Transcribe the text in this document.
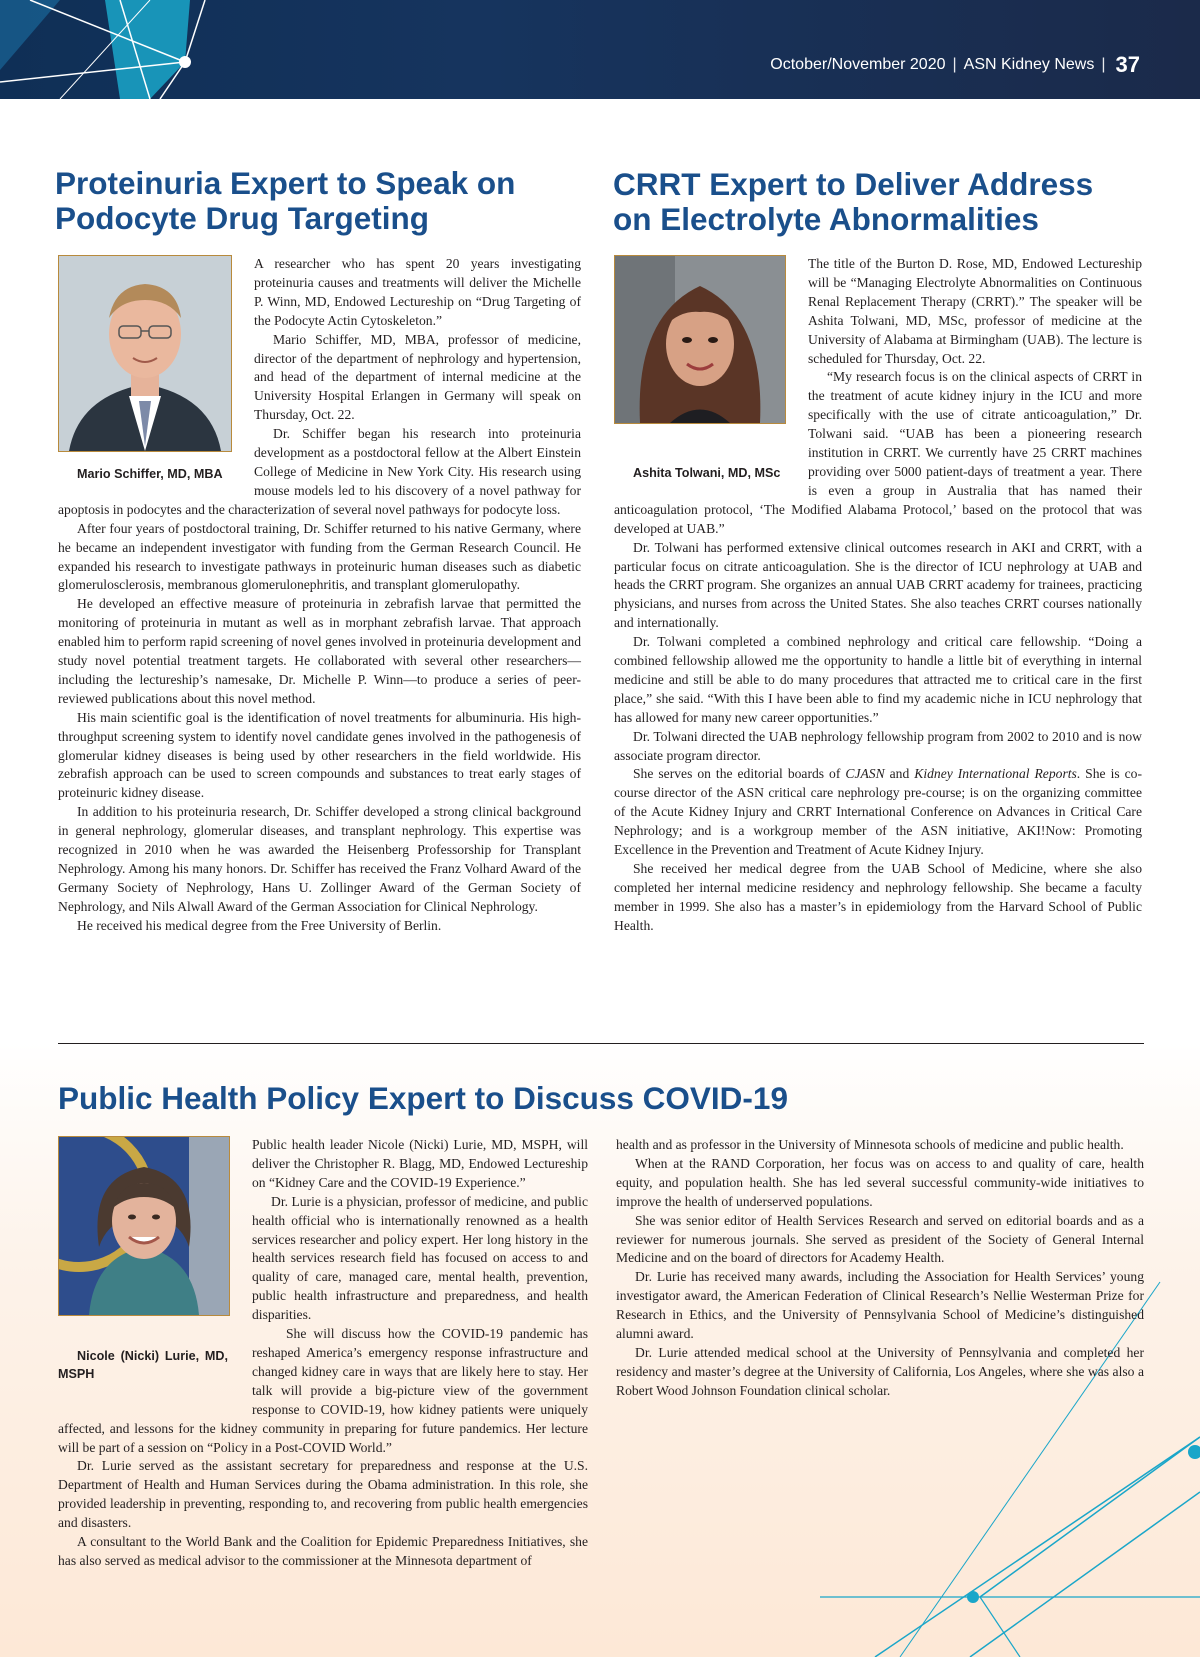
October/November 2020 | ASN Kidney News | 37
Proteinuria Expert to Speak on
Podocyte Drug Targeting

Mario Schiffer, MD, MBA

A researcher who has spent 20 years investigating proteinuria causes and treatments will deliver the Michelle P. Winn, MD, Endowed Lectureship on “Drug Targeting of the Podocyte Actin Cytoskeleton.”

Mario Schiffer, MD, MBA, professor of medicine, director of the department of nephrology and hypertension, and head of the department of internal medicine at the University Hospital Erlangen in Germany will speak on Thursday, Oct. 22.

Dr. Schiffer began his research into proteinuria development as a postdoctoral fellow at the Albert Einstein College of Medicine in New York City. His research using mouse models led to his discovery of a novel pathway for apoptosis in podocytes and the characterization of several novel pathways for podocyte loss.

After four years of postdoctoral training, Dr. Schiffer returned to his native Germany, where he became an independent investigator with funding from the German Research Council. He expanded his research to investigate pathways in proteinuric human diseases such as diabetic glomerulosclerosis, membranous glomerulonephritis, and transplant glomerulopathy.

He developed an effective measure of proteinuria in zebrafish larvae that permitted the monitoring of proteinuria in mutant as well as in morphant zebrafish larvae. That approach enabled him to perform rapid screening of novel genes involved in proteinuria development and study novel potential treatment targets. He collaborated with several other researchers—including the lectureship’s namesake, Dr. Michelle P. Winn—to produce a series of peer-reviewed publications about this novel method.

His main scientific goal is the identification of novel treatments for albuminuria. His high-throughput screening system to identify novel candidate genes involved in the pathogenesis of glomerular kidney diseases is being used by other researchers in the field worldwide. His zebrafish approach can be used to screen compounds and substances to treat early stages of proteinuric kidney disease.

In addition to his proteinuria research, Dr. Schiffer developed a strong clinical background in general nephrology, glomerular diseases, and transplant nephrology. This expertise was recognized in 2010 when he was awarded the Heisenberg Professorship for Transplant Nephrology. Among his many honors. Dr. Schiffer has received the Franz Volhard Award of the Germany Society of Nephrology, Hans U. Zollinger Award of the German Society of Nephrology, and Nils Alwall Award of the German Association for Clinical Nephrology.

He received his medical degree from the Free University of Berlin.

CRRT Expert to Deliver Address
on Electrolyte Abnormalities

Ashita Tolwani, MD, MSc

The title of the Burton D. Rose, MD, Endowed Lectureship will be “Managing Electrolyte Abnormalities on Continuous Renal Replacement Therapy (CRRT).” The speaker will be Ashita Tolwani, MD, MSc, professor of medicine at the University of Alabama at Birmingham (UAB). The lecture is scheduled for Thursday, Oct. 22.

“My research focus is on the clinical aspects of CRRT in the treatment of acute kidney injury in the ICU and more specifically with the use of citrate anticoagulation,” Dr. Tolwani said. “UAB has been a pioneering research institution in CRRT. We currently have 25 CRRT machines providing over 5000 patient-days of treatment a year. There is even a group in Australia that has named their anticoagulation protocol, ‘The Modified Alabama Protocol,’ based on the protocol that was developed at UAB.”

Dr. Tolwani has performed extensive clinical outcomes research in AKI and CRRT, with a particular focus on citrate anticoagulation. She is the director of ICU nephrology at UAB and heads the CRRT program. She organizes an annual UAB CRRT academy for trainees, practicing physicians, and nurses from across the United States. She also teaches CRRT courses nationally and internationally.

Dr. Tolwani completed a combined nephrology and critical care fellowship. “Doing a combined fellowship allowed me the opportunity to handle a little bit of everything in internal medicine and still be able to do many procedures that attracted me to critical care in the first place,” she said. “With this I have been able to find my academic niche in ICU nephrology that has allowed for many new career opportunities.”

Dr. Tolwani directed the UAB nephrology fellowship program from 2002 to 2010 and is now associate program director.

She serves on the editorial boards of CJASN and Kidney International Reports. She is co-course director of the ASN critical care nephrology pre-course; is on the organizing committee of the Acute Kidney Injury and CRRT International Conference on Advances in Critical Care Nephrology; and is a workgroup member of the ASN initiative, AKI!Now: Promoting Excellence in the Prevention and Treatment of Acute Kidney Injury.

She received her medical degree from the UAB School of Medicine, where she also completed her internal medicine residency and nephrology fellowship. She became a faculty member in 1999. She also has a master’s in epidemiology from the Harvard School of Public Health.

Public Health Policy Expert to Discuss COVID-19

Nicole (Nicki) Lurie, MD, MSPH

Public health leader Nicole (Nicki) Lurie, MD, MSPH, will deliver the Christopher R. Blagg, MD, Endowed Lectureship on “Kidney Care and the COVID-19 Experience.”

Dr. Lurie is a physician, professor of medicine, and public health official who is internationally renowned as a health services researcher and policy expert. Her long history in the health services research field has focused on access to and quality of care, managed care, mental health, prevention, public health infrastructure and preparedness, and health disparities.

She will discuss how the COVID-19 pandemic has reshaped America’s emergency response infrastructure and changed kidney care in ways that are likely here to stay. Her talk will provide a big-picture view of the government response to COVID-19, how kidney patients were uniquely affected, and lessons for the kidney community in preparing for future pandemics. Her lecture will be part of a session on “Policy in a Post-COVID World.”

Dr. Lurie served as the assistant secretary for preparedness and response at the U.S. Department of Health and Human Services during the Obama administration. In this role, she provided leadership in preventing, responding to, and recovering from public health emergencies and disasters.

A consultant to the World Bank and the Coalition for Epidemic Preparedness Initiatives, she has also served as medical advisor to the commissioner at the Minnesota department of

health and as professor in the University of Minnesota schools of medicine and public health.

When at the RAND Corporation, her focus was on access to and quality of care, health equity, and population health. She has led several successful community-wide initiatives to improve the health of underserved populations.

She was senior editor of Health Services Research and served on editorial boards and as a reviewer for numerous journals. She served as president of the Society of General Internal Medicine and on the board of directors for Academy Health.

Dr. Lurie has received many awards, including the Association for Health Services’ young investigator award, the American Federation of Clinical Research’s Nellie Westerman Prize for Research in Ethics, and the University of Pennsylvania School of Medicine’s distinguished alumni award.

Dr. Lurie attended medical school at the University of Pennsylvania and completed her residency and master’s degree at the University of California, Los Angeles, where she was also a Robert Wood Johnson Foundation clinical scholar.
